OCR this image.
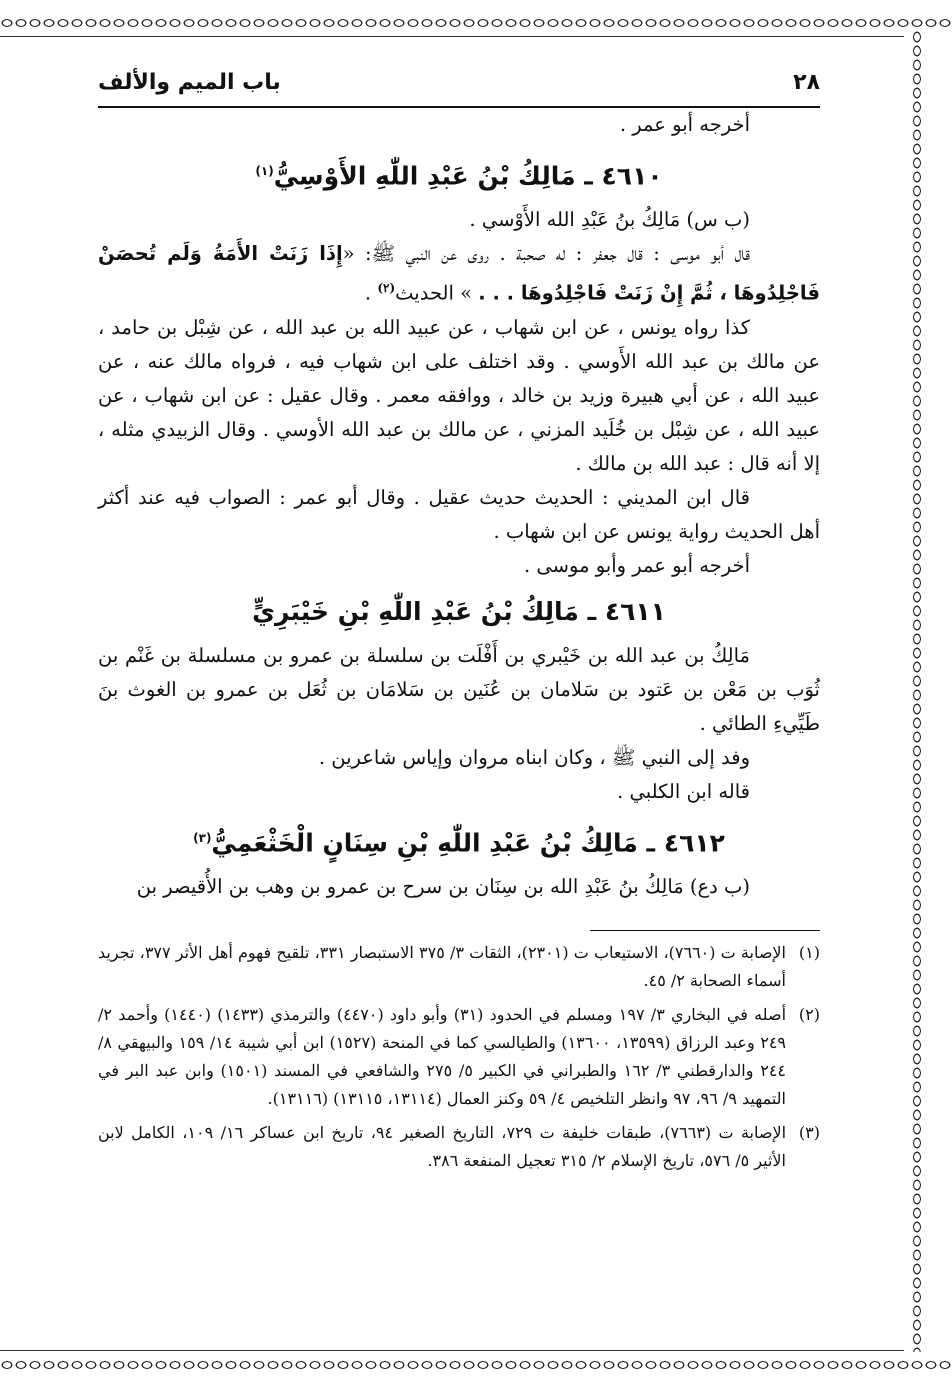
٢٨
باب الميم والألف

أخرجه أبو عمر .

٤٦١٠ ـ مَالِكُ بْنُ عَبْدِ اللّٰهِ الأَوْسِيُّ$^{(١)}$

(ب س) مَالِكُ بنُ عَبْدِ الله الأَوْسي .

قال أبو موسى : قال جعفر : له صحبة . روى عن النبي ﷺ: «إِذَا زَنَتْ الأَمَةُ وَلَم تُحصَنْ فَاجْلِدُوهَا ، ثُمَّ إِنْ زَنَتْ فَاجْلِدُوهَا . . . » الحديث$^{(٢)}$ .

كذا رواه يونس ، عن ابن شهاب ، عن عبيد الله بن عبد الله ، عن شِبْل بن حامد ، عن مالك بن عبد الله الأَوسي . وقد اختلف على ابن شهاب فيه ، فرواه مالك عنه ، عن عبيد الله ، عن أبي هبيرة وزيد بن خالد ، ووافقه معمر . وقال عقيل : عن ابن شهاب ، عن عبيد الله ، عن شِبْل بن خُلَيد المزني ، عن مالك بن عبد الله الأوسي . وقال الزبيدي مثله ، إلا أنه قال : عبد الله بن مالك .

قال ابن المديني : الحديث حديث عقيل . وقال أبو عمر : الصواب فيه عند أكثر أهل الحديث رواية يونس عن ابن شهاب .

أخرجه أبو عمر وأبو موسى .

٤٦١١ ـ مَالِكُ بْنُ عَبْدِ اللّٰهِ بْنِ خَيْبَرِيٍّ

مَالِكُ بن عبد الله بن خَيْبري بن أَفْلَت بن سلسلة بن عمرو بن مسلسلة بن غَنْم بن ثُوَب بن مَعْن بن عَتود بن سَلامان بن عُنَين بن سَلامَان بن ثُعَل بن عمرو بن الغوث بنَ طَيِّيءِ الطائي .

وفد إلى النبي ﷺ ، وكان ابناه مروان وإياس شاعرين .

قاله ابن الكلبي .

٤٦١٢ ـ مَالِكُ بْنُ عَبْدِ اللّٰهِ بْنِ سِنَانٍ الْخَثْعَمِيُّ$^{(٣)}$

(ب دع) مَالِكُ بنُ عَبْدِ الله بن سِنَان بن سرح بن عمرو بن وهب بن الأُقيصر بن

(١)
الإصابة ت (٧٦٦٠)، الاستيعاب ت (٢٣٠١)، الثقات ٣/ ٣٧٥ الاستبصار ٣٣١، تلقيح فهوم أهل الأثر ٣٧٧، تجريد أسماء الصحابة ٢/ ٤٥.
(٢)
أصله في البخاري ٣/ ١٩٧ ومسلم في الحدود (٣١) وأبو داود (٤٤٧٠) والترمذي (١٤٣٣) (١٤٤٠) وأحمد ٢/ ٢٤٩ وعبد الرزاق (١٣٥٩٩، ١٣٦٠٠) والطيالسي كما في المنحة (١٥٢٧) ابن أبي شيبة ١٤/ ١٥٩ والبيهقي ٨/ ٢٤٤ والدارقطني ٣/ ١٦٢ والطبراني في الكبير ٥/ ٢٧٥ والشافعي في المسند (١٥٠١) وابن عبد البر في التمهيد ٩/ ٩٦، ٩٧ وانظر التلخيص ٤/ ٥٩ وكنز العمال (١٣١١٤، ١٣١١٥) (١٣١١٦).
(٣)
الإصابة ت (٧٦٦٣)، طبقات خليفة ت ٧٢٩، التاريخ الصغير ٩٤، تاريخ ابن عساكر ١٦/ ١٠٩، الكامل لابن الأثير ٥/ ٥٧٦، تاريخ الإسلام ٢/ ٣١٥ تعجيل المنفعة ٣٨٦.
